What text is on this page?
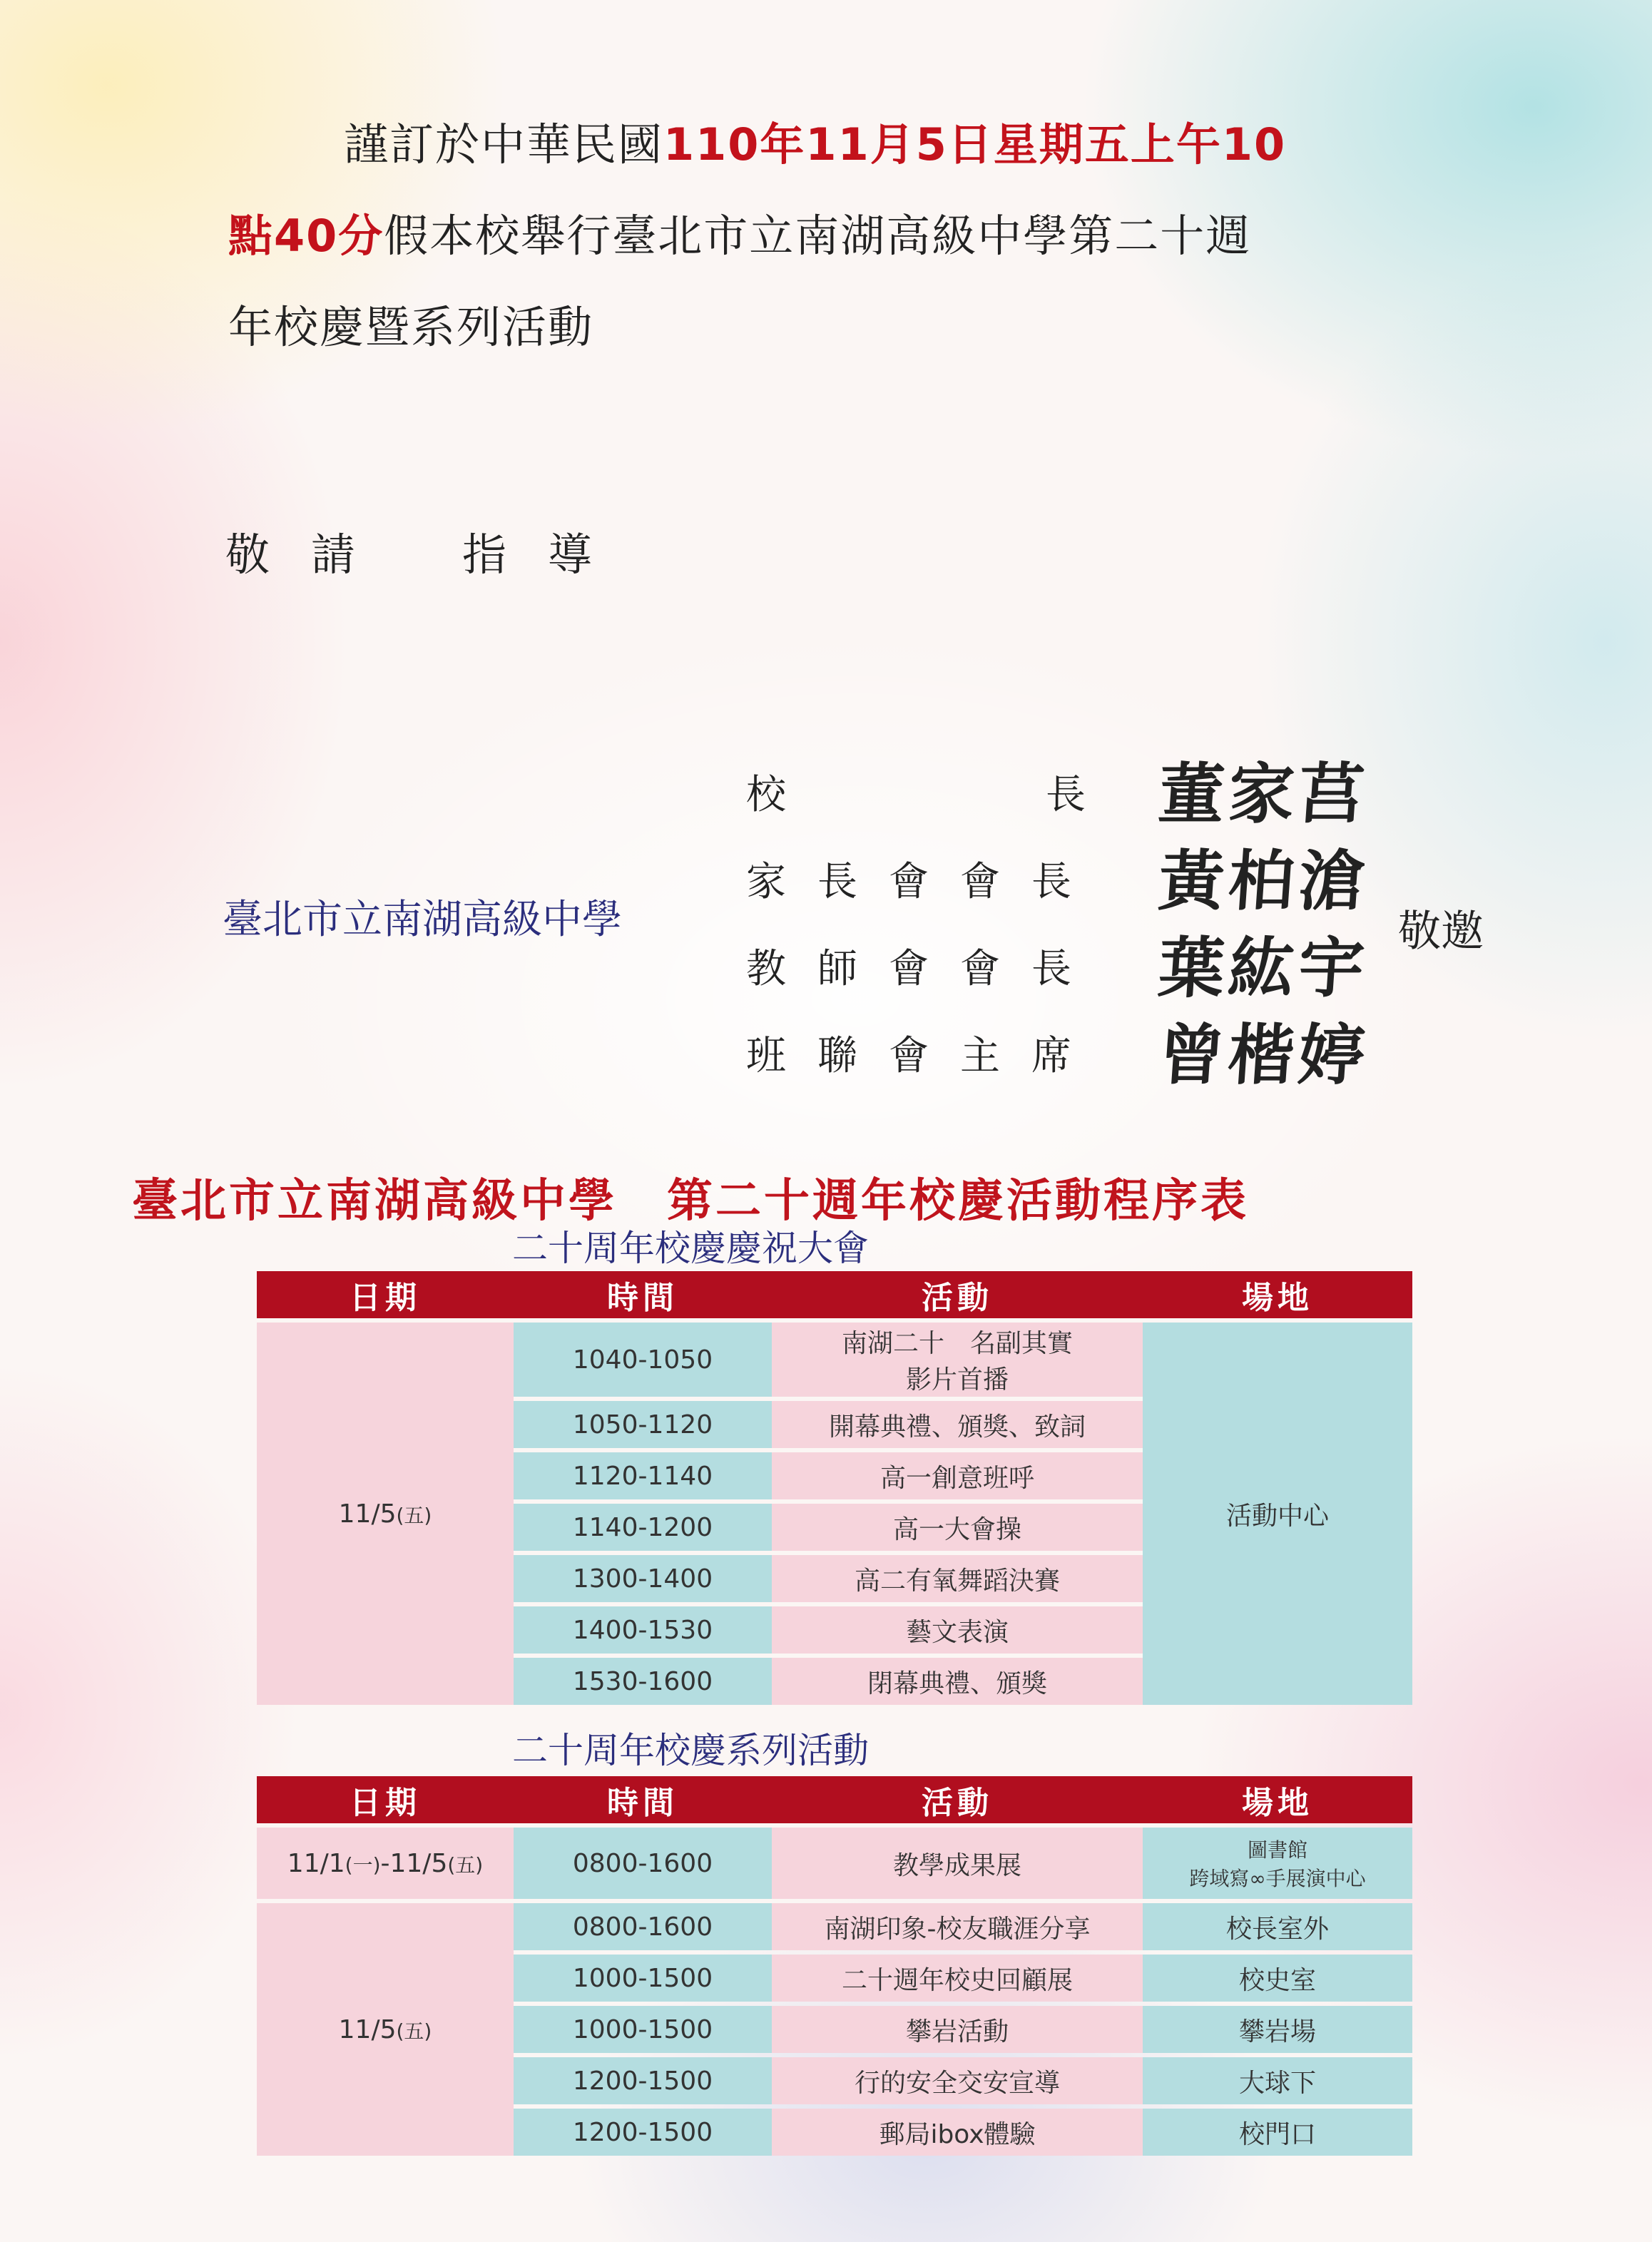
謹訂於中華民國110年11月5日星期五上午10
點40分假本校舉行臺北市立南湖高級中學第二十週
年校慶暨系列活動
敬 請 指 導
臺北市立南湖高級中學
校	長
家長會會長
教師會會長
班聯會主席
董家莒
黃柏滄
葉紘宇
曾楷婷
敬邀
臺北市立南湖高級中學 第二十週年校慶活動程序表
二十周年校慶慶祝大會
日期	時間	活動	場地
11/5(五)	1040-1050	南湖二十　名副其實
影片首播	活動中心
	1050-1120	開幕典禮、頒獎、致詞	
	1120-1140	高一創意班呼	
	1140-1200	高一大會操	
	1300-1400	高二有氧舞蹈決賽	
	1400-1530	藝文表演	
	1530-1600	閉幕典禮、頒獎	
二十周年校慶系列活動
日期	時間	活動	場地
11/1(一)-11/5(五)	0800-1600	教學成果展	圖書館
跨域寫∞手展演中心

11/5(五)	0800-1600	南湖印象-校友職涯分享	校長室外
	1000-1500	二十週年校史回顧展	校史室
	1000-1500	攀岩活動	攀岩場
	1200-1500	行的安全交安宣導	大球下
	1200-1500	郵局ibox體驗	校門口
